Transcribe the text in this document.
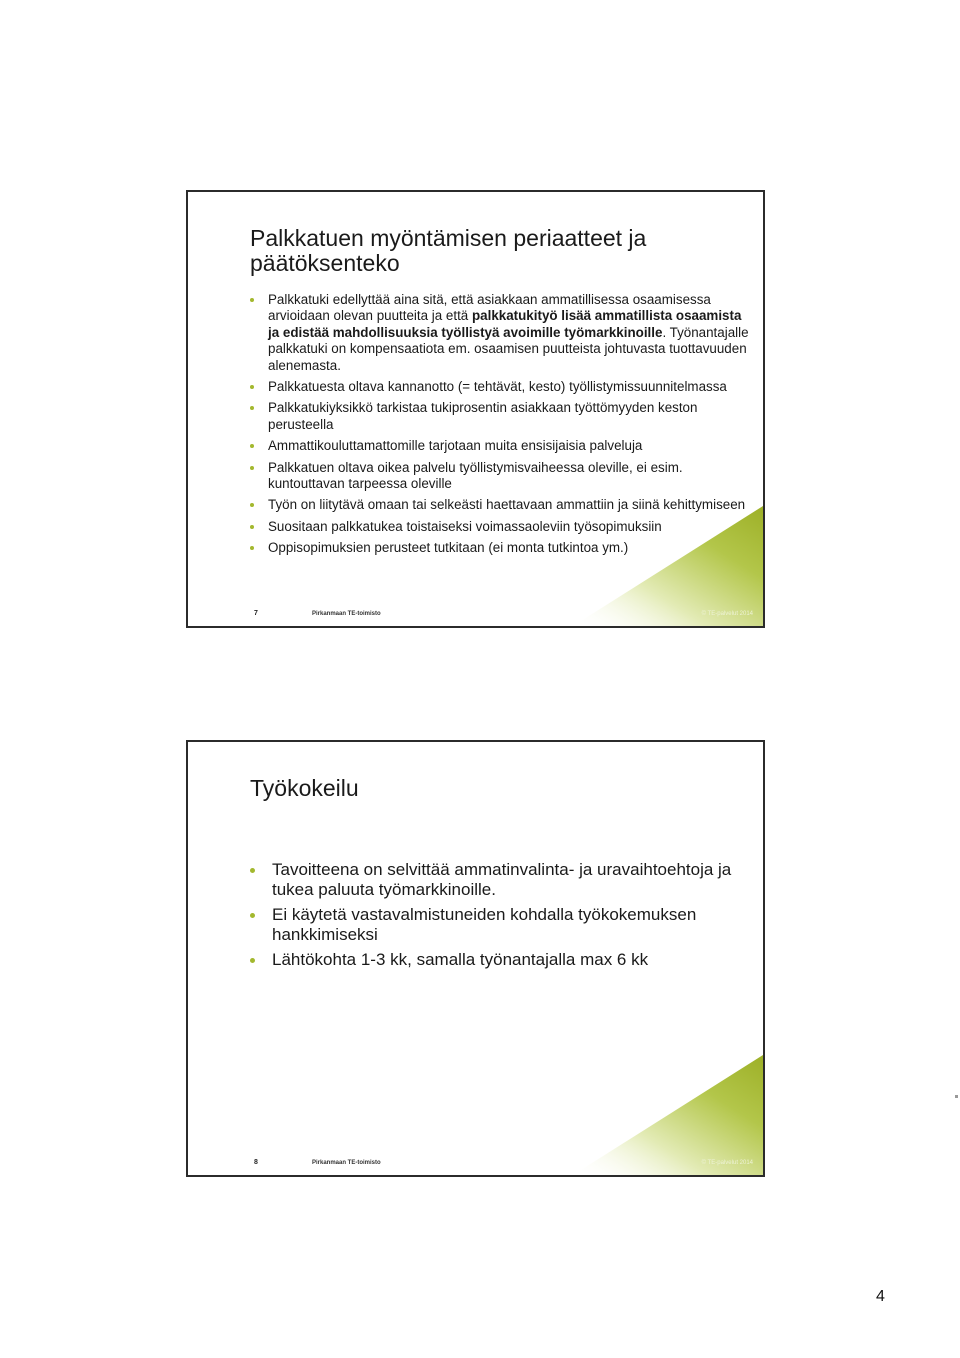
Palkkatuen myöntämisen periaatteet ja päätöksenteko
Palkkatuki edellyttää aina sitä, että asiakkaan ammatillisessa osaamisessa arvioidaan olevan puutteita ja että palkkatukityö lisää ammatillista osaamista ja edistää mahdollisuuksia työllistyä avoimille työmarkkinoille. Työnantajalle palkkatuki on kompensaatiota em. osaamisen puutteista johtuvasta tuottavuuden alenemasta.
Palkkatuesta oltava kannanotto (= tehtävät, kesto) työllistymissuunnitelmassa
Palkkatukiyksikkö tarkistaa tukiprosentin asiakkaan työttömyyden keston perusteella
Ammattikouluttamattomille tarjotaan muita ensisijaisia palveluja
Palkkatuen oltava oikea palvelu työllistymisvaiheessa oleville, ei esim. kuntouttavan tarpeessa oleville
Työn on liitytävä omaan tai selkeästi haettavaan ammattiin ja siinä kehittymiseen
Suositaan palkkatukea toistaiseksi voimassaoleviin työsopimuksiin
Oppisopimuksien perusteet tutkitaan (ei monta tutkintoa ym.)
7	Pirkanmaan TE-toimisto	© TE-palvelut 2014
Työkokeilu
Tavoitteena on selvittää ammatinvalinta- ja uravaihtoehtoja ja tukea paluuta työmarkkinoille.
Ei käytetä vastavalmistuneiden kohdalla työkokemuksen hankkimiseksi
Lähtökohta 1-3 kk, samalla työnantajalla max 6 kk
8	Pirkanmaan TE-toimisto	© TE-palvelut 2014
4
